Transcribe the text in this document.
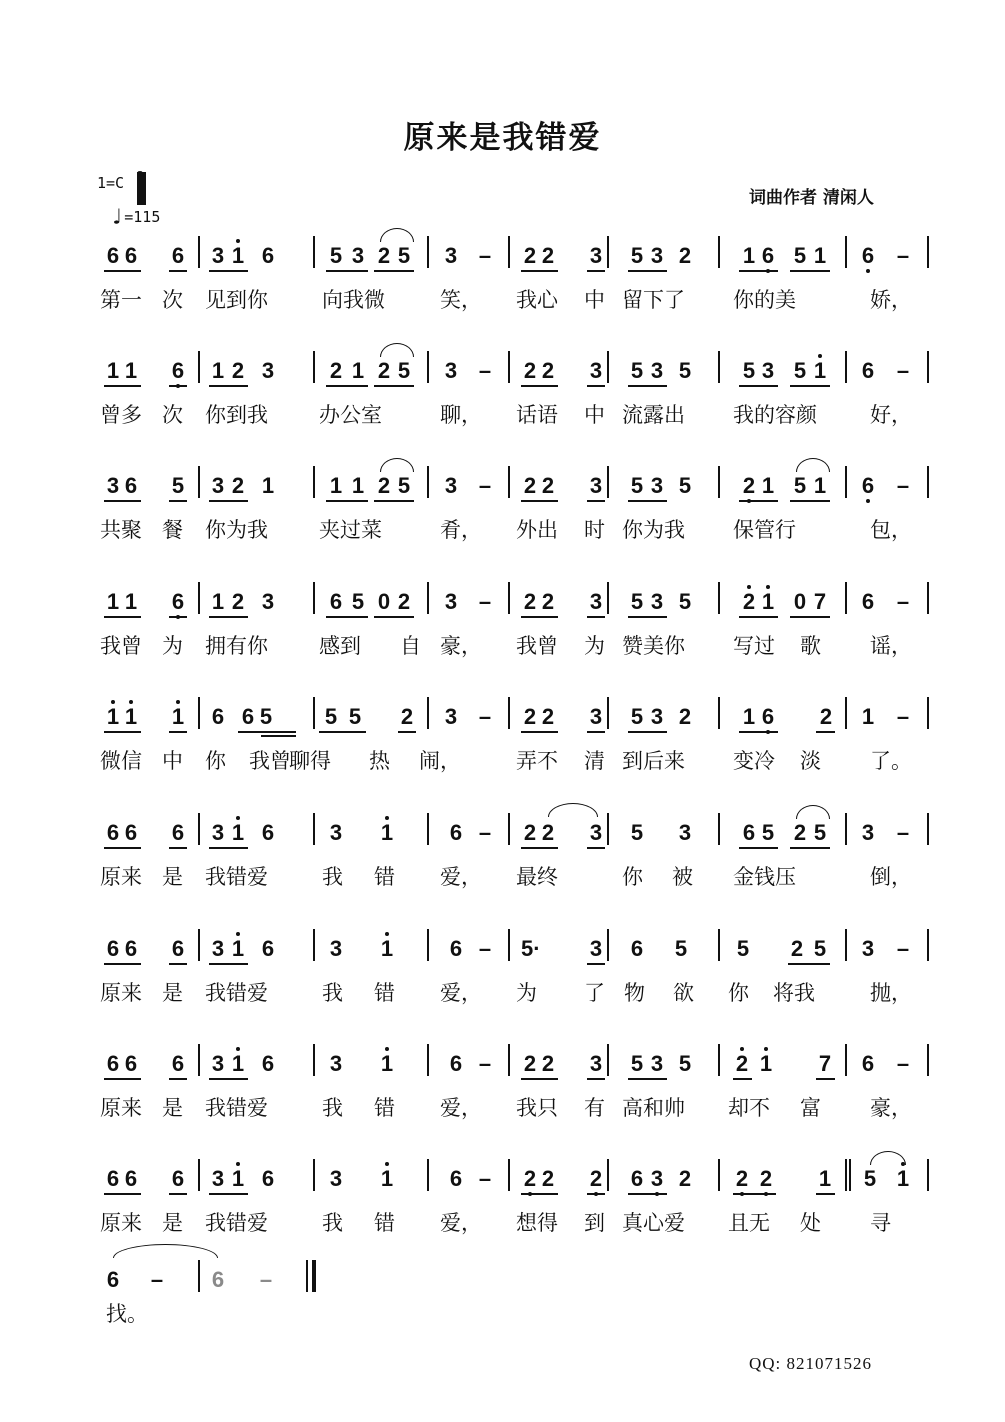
原来是我错爱
1=C
♩=115
词曲作者 清闲人
QQ: 821071526
6 6 6 3 1 6	5 3 2 5 3 – 2 2 3 5 3 2 1 6 5 1 6 –
第一 次 见到你	向我微	笑， 我心 中 留下了 你的美	娇，
1 1 6 1 2 3	2 1 2 5 3 – 2 2 3 5 3 5 5 3 5 1 6 –
曾多 次 你到我 办公室	聊， 话语 中 流露出 我的容颜	好，
3 6 5 3 2 1	1 1 2 5 3 – 2 2 3 5 3 5 2 1 5 1 6 –
共聚 餐 你为我 夹过菜	肴， 外出 时 你为我 保管行	包，
1 1 6 1 2 3	6 5 0 2 3 – 2 2 3 5 3 5 2 1 0 7 6 –
我曾 为 拥有你 感到 自 豪， 我曾 为 赞美你 写过 歌 谣，
1 1 1 6 6 5 5 5 2 3 – 2 2 3 5 3 2 1 6 2 1 –
微信 中 你 我曾
聊得 热 闹，	弄不 清 到后来 变冷 淡 了。
6 6 6 3 1 6	3 1	6 – 2 2 3 5 3 6 5 2 5 3 –
原来 是 我错爱	我 错 爱， 最终	你 被 金钱压	倒，
6 6 6 3 1 6	3 1	6 – 5· 3 6 5 5 2 5 3 –
原来 是 我错爱	我 错 爱， 为 了 物 欲 你 将我	抛，
6 6 6 3 1 6	3 1	6 – 2 2 3 5 3 5 2 1 7 6 –
原来 是 我错爱	我 错 爱， 我只 有 高和帅 却不 富 豪，
6 6 6 3 1 6	3 1	6 – 2 2 2 6 3 2 2 2 1 5 1
原来 是 我错爱	我 错 爱， 想得 到 真心爱 且无 处 寻
6 – 6 –
找。
